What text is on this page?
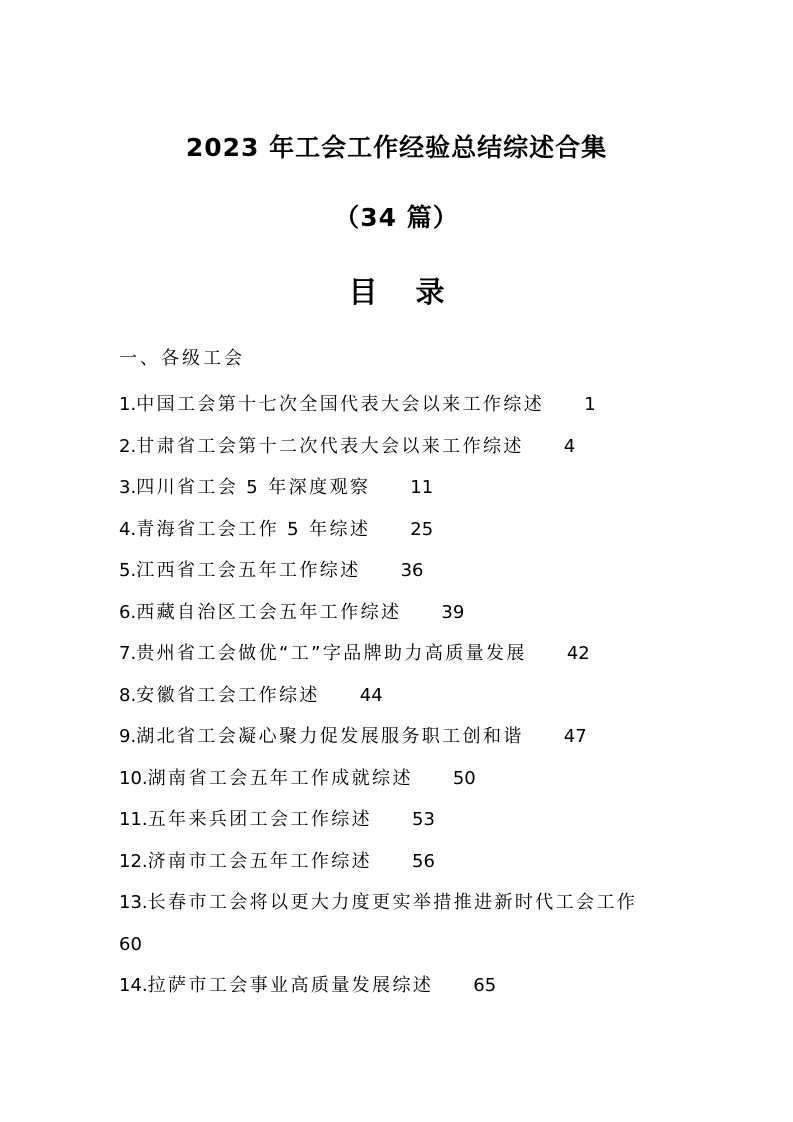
2023 年工会工作经验总结综述合集
（34 篇）
目 录
一、各级工会
1.中国工会第十七次全国代表大会以来工作综述 1
2.甘肃省工会第十二次代表大会以来工作综述 4
3.四川省工会 5 年深度观察 11
4.青海省工会工作 5 年综述 25
5.江西省工会五年工作综述 36
6.西藏自治区工会五年工作综述 39
7.贵州省工会做优“工”字品牌助力高质量发展 42
8.安徽省工会工作综述 44
9.湖北省工会凝心聚力促发展服务职工创和谐 47
10.湖南省工会五年工作成就综述 50
11.五年来兵团工会工作综述 53
12.济南市工会五年工作综述 56
13.长春市工会将以更大力度更实举措推进新时代工会工作
60
14.拉萨市工会事业高质量发展综述 65
